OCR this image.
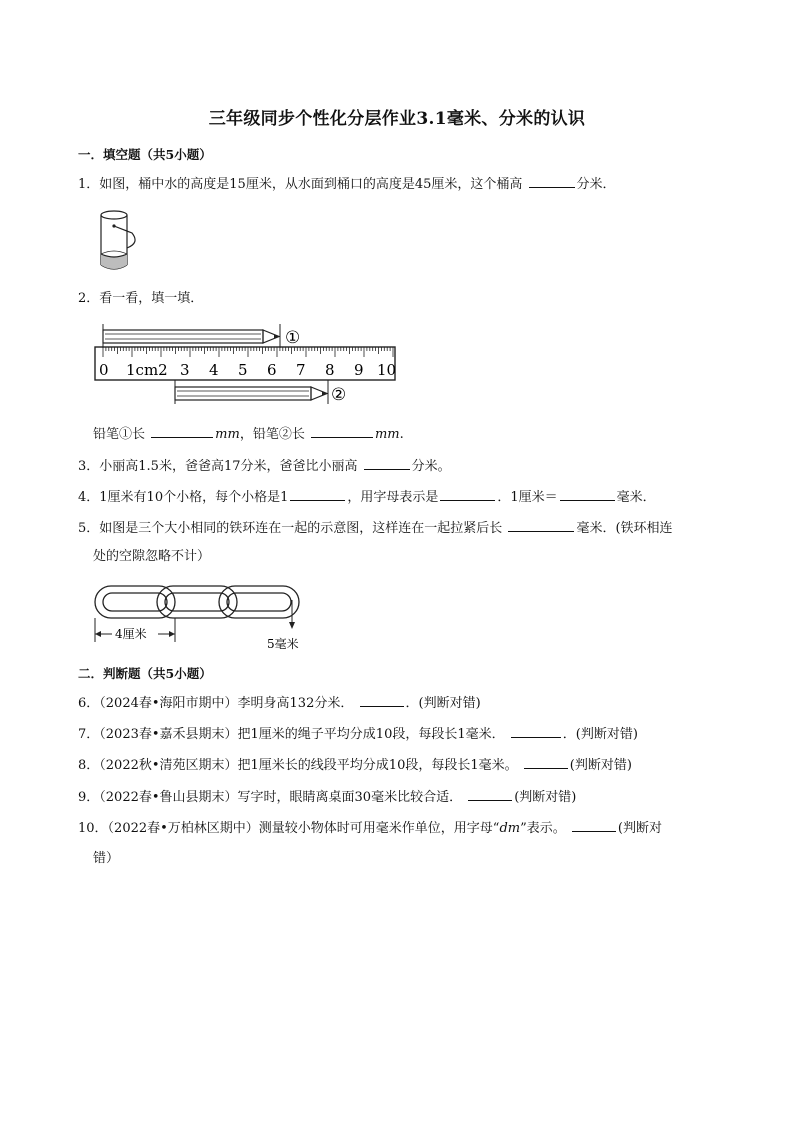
三年级同步个性化分层作业3.1毫米、分米的认识
一．填空题（共5小题）
1．如图，桶中水的高度是15厘米，从水面到桶口的高度是45厘米，这个桶高	分米．
2．看一看，填一填．
①
0 1cm2 3 4 5 6 7 8 9 10
②
铅笔①长	mm，铅笔②长	mm.
3．小丽高1.5米，爸爸高17分米，爸爸比小丽高	分米。
4．1厘米有10个小格，每个小格是1	，用字母表示是	．1厘米＝	毫米．
5．如图是三个大小相同的铁环连在一起的示意图，这样连在一起拉紧后长	毫米．(铁环相连
处的空隙忽略不计）
4厘米
5毫米
二．判断题（共5小题）
6．（2024春•海阳市期中）李明身高132分米．	．(判断对错)
7．（2023春•嘉禾县期末）把1厘米的绳子平均分成10段，每段长1毫米．	．(判断对错)
8．（2022秋•清苑区期末）把1厘米长的线段平均分成10段，每段长1毫米。	(判断对错)
9．（2022春•鲁山县期末）写字时，眼睛离桌面30毫米比较合适．	(判断对错)
10．（2022春•万柏林区期中）测量较小物体时可用毫米作单位，用字母“dm”表示。	(判断对
错）
